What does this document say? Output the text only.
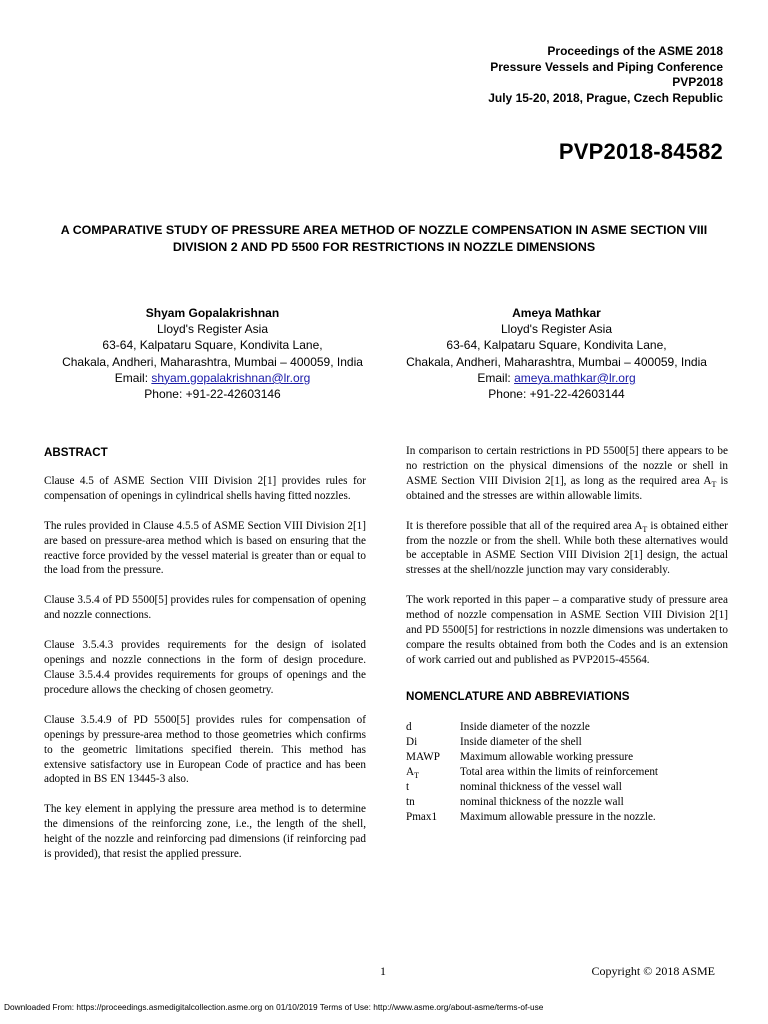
Proceedings of the ASME 2018
Pressure Vessels and Piping Conference
PVP2018
July 15-20, 2018, Prague, Czech Republic
PVP2018-84582
A COMPARATIVE STUDY OF PRESSURE AREA METHOD OF NOZZLE COMPENSATION IN ASME SECTION VIII DIVISION 2 AND PD 5500 FOR RESTRICTIONS IN NOZZLE DIMENSIONS
Shyam Gopalakrishnan
Lloyd's Register Asia
63-64, Kalpataru Square, Kondivita Lane,
Chakala, Andheri, Maharashtra, Mumbai – 400059, India
Email: shyam.gopalakrishnan@lr.org
Phone: +91-22-42603146
Ameya Mathkar
Lloyd's Register Asia
63-64, Kalpataru Square, Kondivita Lane,
Chakala, Andheri, Maharashtra, Mumbai – 400059, India
Email: ameya.mathkar@lr.org
Phone: +91-22-42603144
ABSTRACT

Clause 4.5 of ASME Section VIII Division 2[1] provides rules for compensation of openings in cylindrical shells having fitted nozzles.

The rules provided in Clause 4.5.5 of ASME Section VIII Division 2[1] are based on pressure-area method which is based on ensuring that the reactive force provided by the vessel material is greater than or equal to the load from the pressure.

Clause 3.5.4 of PD 5500[5] provides rules for compensation of opening and nozzle connections.

Clause 3.5.4.3 provides requirements for the design of isolated openings and nozzle connections in the form of design procedure. Clause 3.5.4.4 provides requirements for groups of openings and the procedure allows the checking of chosen geometry.

Clause 3.5.4.9 of PD 5500[5] provides rules for compensation of openings by pressure-area method to those geometries which confirms to the geometric limitations specified therein. This method has extensive satisfactory use in European Code of practice and has been adopted in BS EN 13445-3 also.

The key element in applying the pressure area method is to determine the dimensions of the reinforcing zone, i.e., the length of the shell, height of the nozzle and reinforcing pad dimensions (if reinforcing pad is provided), that resist the applied pressure.

In comparison to certain restrictions in PD 5500[5] there appears to be no restriction on the physical dimensions of the nozzle or shell in ASME Section VIII Division 2[1], as long as the required area $A_T$ is obtained and the stresses are within allowable limits.

It is therefore possible that all of the required area $A_T$ is obtained either from the nozzle or from the shell. While both these alternatives would be acceptable in ASME Section VIII Division 2[1] design, the actual stresses at the shell/nozzle junction may vary considerably.

The work reported in this paper – a comparative study of pressure area method of nozzle compensation in ASME Section VIII Division 2[1] and PD 5500[5] for restrictions in nozzle dimensions was undertaken to compare the results obtained from both the Codes and is an extension of work carried out and published as PVP2015-45564.

NOMENCLATURE AND ABBREVIATIONS
d	Inside diameter of the nozzle
Di	Inside diameter of the shell
MAWP	Maximum allowable working pressure
$A_T$	Total area within the limits of reinforcement
t	nominal thickness of the vessel wall
tn	nominal thickness of the nozzle wall
Pmax1	Maximum allowable pressure in the nozzle.
1	Copyright © 2018 ASME
Downloaded From: https://proceedings.asmedigitalcollection.asme.org on 01/10/2019 Terms of Use: http://www.asme.org/about-asme/terms-of-use
